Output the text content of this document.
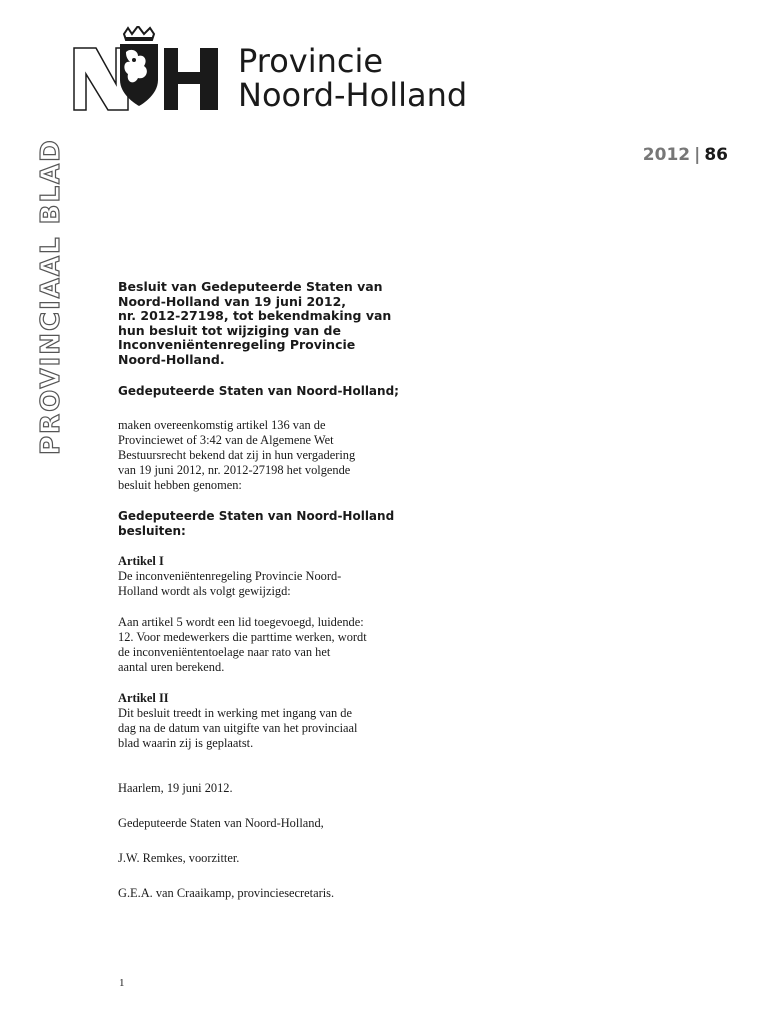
Provincie
Noord-Holland
PROVINCIAAL BLAD	2012 | 86
Besluit van Gedeputeerde Staten van
Noord-Holland van 19 juni 2012,
nr. 2012-27198, tot bekendmaking van
hun besluit tot wijziging van de
Inconveniëntenregeling Provincie
Noord-Holland.
Gedeputeerde Staten van Noord-Holland;
maken overeenkomstig artikel 136 van de
Provinciewet of 3:42 van de Algemene Wet
Bestuursrecht bekend dat zij in hun vergadering
van 19 juni 2012, nr. 2012-27198 het volgende
besluit hebben genomen:
Gedeputeerde Staten van Noord-Holland
besluiten:
Artikel I
De inconveniëntenregeling Provincie Noord-
Holland wordt als volgt gewijzigd:
Aan artikel 5 wordt een lid toegevoegd, luidende:
12. Voor medewerkers die parttime werken, wordt
de inconveniëntentoelage naar rato van het
aantal uren berekend.
Artikel II
Dit besluit treedt in werking met ingang van de
dag na de datum van uitgifte van het provinciaal
blad waarin zij is geplaatst.
Haarlem, 19 juni 2012.
Gedeputeerde Staten van Noord-Holland,
J.W. Remkes, voorzitter.
G.E.A. van Craaikamp, provinciesecretaris.
1
